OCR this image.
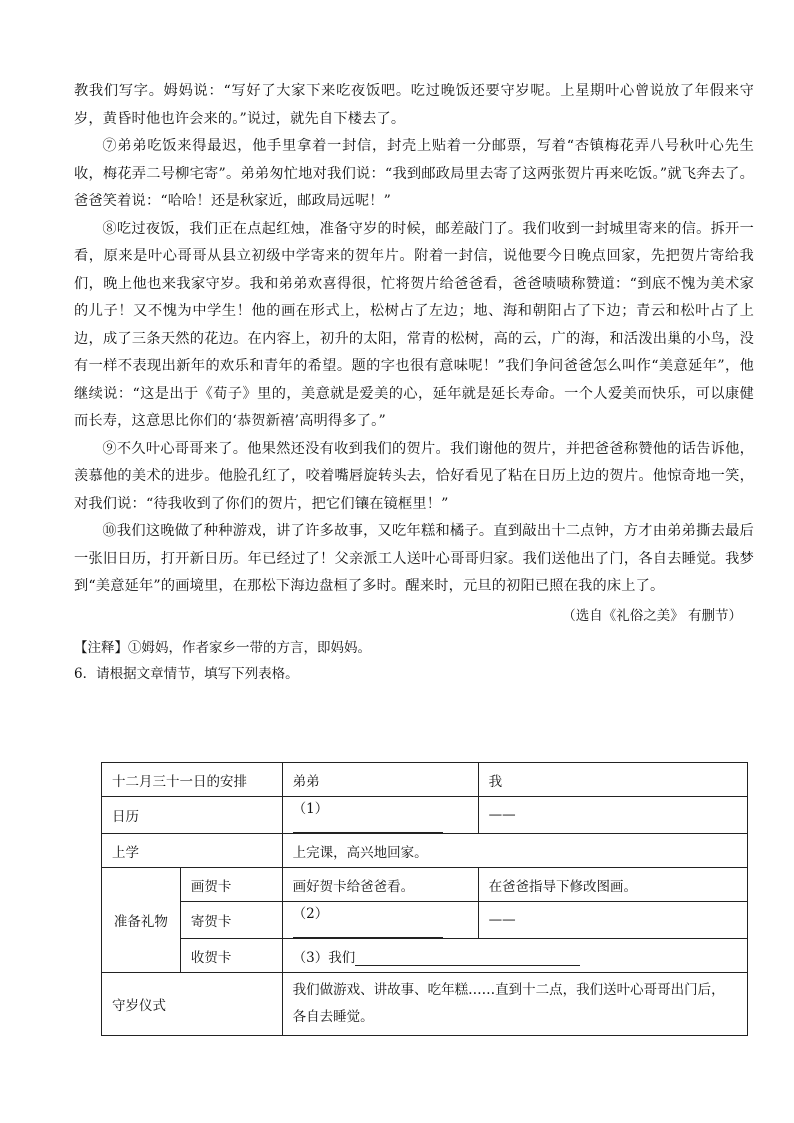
教我们写字。姆妈说：“写好了大家下来吃夜饭吧。吃过晚饭还要守岁呢。上星期叶心曾说放了年假来守岁，黄昏时他也许会来的。”说过，就先自下楼去了。

⑦弟弟吃饭来得最迟，他手里拿着一封信，封壳上贴着一分邮票，写着“杏镇梅花弄八号秋叶心先生收，梅花弄二号柳宅寄”。弟弟匆忙地对我们说：“我到邮政局里去寄了这两张贺片再来吃饭。”就飞奔去了。爸爸笑着说：“哈哈！还是秋家近，邮政局远呢！”

⑧吃过夜饭，我们正在点起红烛，准备守岁的时候，邮差敲门了。我们收到一封城里寄来的信。拆开一看，原来是叶心哥哥从县立初级中学寄来的贺年片。附着一封信，说他要今日晚点回家，先把贺片寄给我们，晚上他也来我家守岁。我和弟弟欢喜得很，忙将贺片给爸爸看，爸爸啧啧称赞道：“到底不愧为美术家的儿子！又不愧为中学生！他的画在形式上，松树占了左边；地、海和朝阳占了下边；青云和松叶占了上边，成了三条天然的花边。在内容上，初升的太阳，常青的松树，高的云，广的海，和活泼出巢的小鸟，没有一样不表现出新年的欢乐和青年的希望。题的字也很有意味呢！”我们争问爸爸怎么叫作“美意延年”，他继续说：“这是出于《荀子》里的，美意就是爱美的心，延年就是延长寿命。一个人爱美而快乐，可以康健而长寿，这意思比你们的‘恭贺新禧’高明得多了。”

⑨不久叶心哥哥来了。他果然还没有收到我们的贺片。我们谢他的贺片，并把爸爸称赞他的话告诉他，羡慕他的美术的进步。他脸孔红了，咬着嘴唇旋转头去，恰好看见了粘在日历上边的贺片。他惊奇地一笑，对我们说：“待我收到了你们的贺片，把它们镶在镜框里！”

⑩我们这晚做了种种游戏，讲了许多故事，又吃年糕和橘子。直到敲出十二点钟，方才由弟弟撕去最后一张旧日历，打开新日历。年已经过了！父亲派工人送叶心哥哥归家。我们送他出了门，各自去睡觉。我梦到“美意延年”的画境里，在那松下海边盘桓了多时。醒来时，元旦的初阳已照在我的床上了。

（选自《礼俗之美》 有删节）

【注释】①姆妈，作者家乡一带的方言，即妈妈。

6．请根据文章情节，填写下列表格。

十二月三十一日的安排		弟弟	我
日历		（1）	——
上学		上完课，高兴地回家。	
准备礼物	画贺卡	画好贺卡给爸爸看。	在爸爸指导下修改图画。
	寄贺卡	（2）	——
	收贺卡	（3）我们	
守岁仪式		我们做游戏、讲故事、吃年糕……直到十二点，我们送叶心哥哥出门后，各自去睡觉。	
